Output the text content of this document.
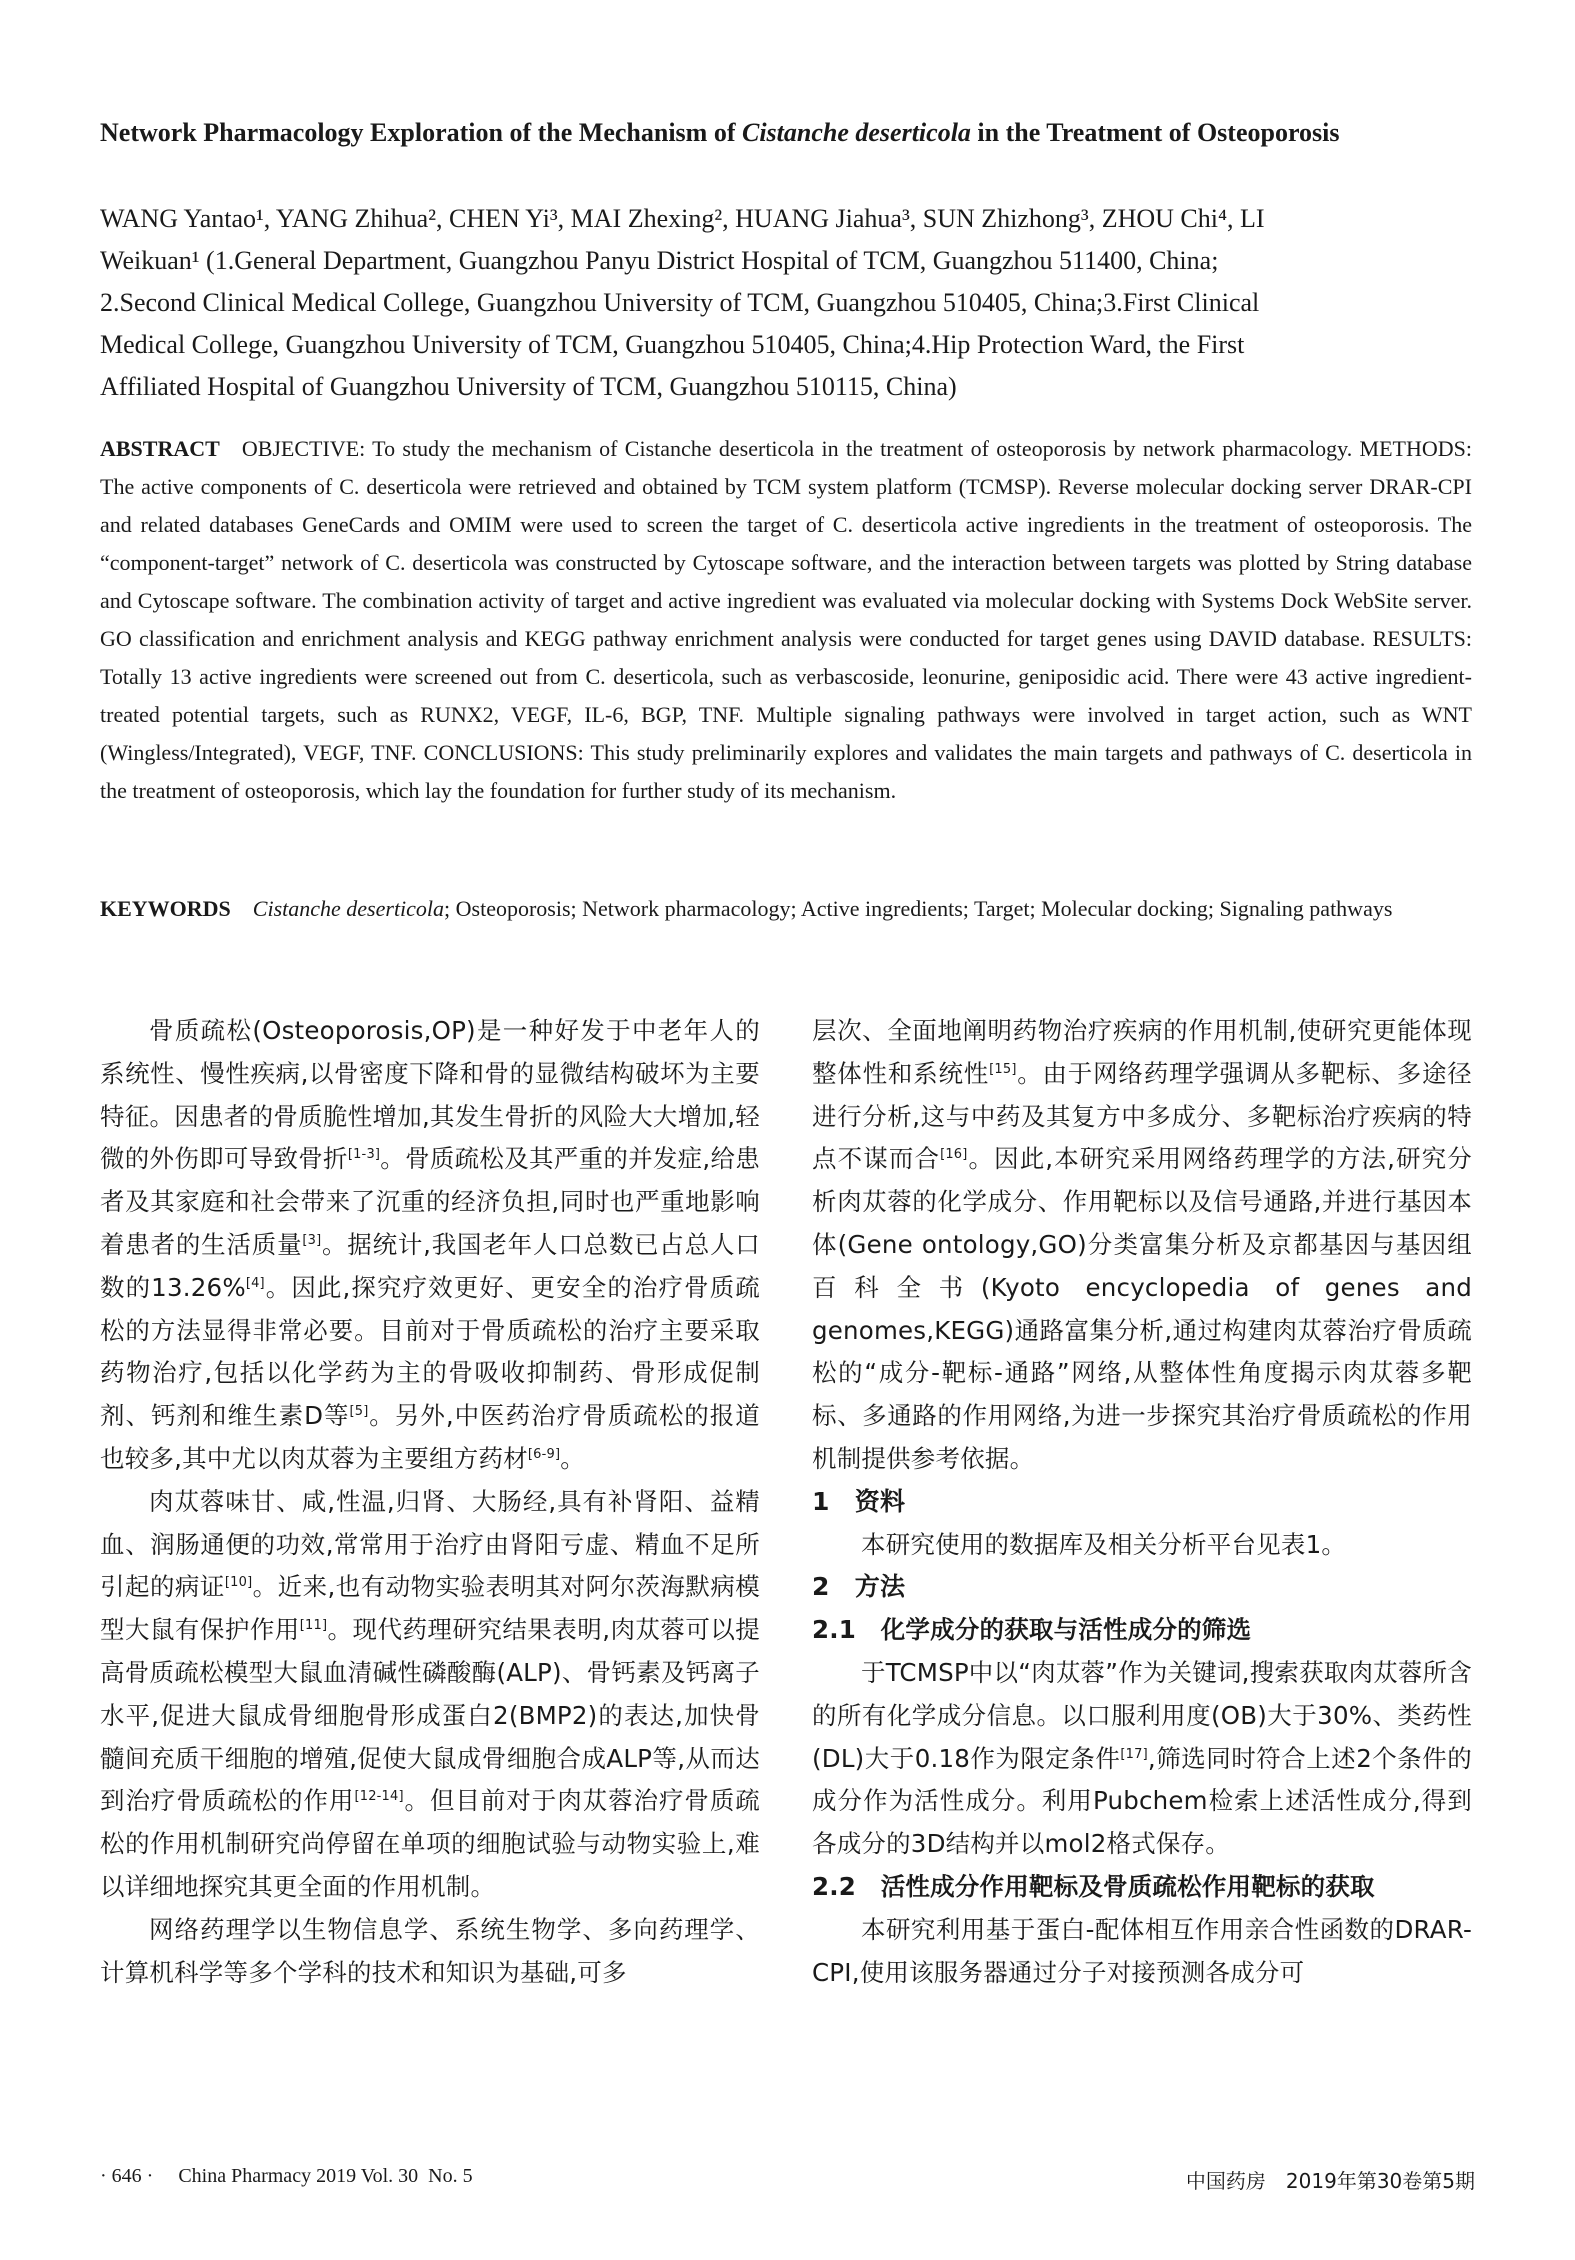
Network Pharmacology Exploration of the Mechanism of Cistanche deserticola in the Treatment of Osteoporosis
WANG Yantao¹, YANG Zhihua², CHEN Yi³, MAI Zhexing², HUANG Jiahua³, SUN Zhizhong³, ZHOU Chi⁴, LI
Weikuan¹ (1.General Department, Guangzhou Panyu District Hospital of TCM, Guangzhou 511400, China;
2.Second Clinical Medical College, Guangzhou University of TCM, Guangzhou 510405, China;3.First Clinical
Medical College, Guangzhou University of TCM, Guangzhou 510405, China;4.Hip Protection Ward, the First
Affiliated Hospital of Guangzhou University of TCM, Guangzhou 510115, China)
ABSTRACT OBJECTIVE: To study the mechanism of Cistanche deserticola in the treatment of osteoporosis by network pharmacology. METHODS: The active components of C. deserticola were retrieved and obtained by TCM system platform (TCMSP). Reverse molecular docking server DRAR-CPI and related databases GeneCards and OMIM were used to screen the target of C. deserticola active ingredients in the treatment of osteoporosis. The “component-target” network of C. deserticola was constructed by Cytoscape software, and the interaction between targets was plotted by String database and Cytoscape software. The combination activity of target and active ingredient was evaluated via molecular docking with Systems Dock WebSite server. GO classification and enrichment analysis and KEGG pathway enrichment analysis were conducted for target genes using DAVID database. RESULTS: Totally 13 active ingredients were screened out from C. deserticola, such as verbascoside, leonurine, geniposidic acid. There were 43 active ingredient-treated potential targets, such as RUNX2, VEGF, IL-6, BGP, TNF. Multiple signaling pathways were involved in target action, such as WNT (Wingless/Integrated), VEGF, TNF. CONCLUSIONS: This study preliminarily explores and validates the main targets and pathways of C. deserticola in the treatment of osteoporosis, which lay the foundation for further study of its mechanism.
KEYWORDS Cistanche deserticola; Osteoporosis; Network pharmacology; Active ingredients; Target; Molecular docking; Signaling pathways

骨质疏松(Osteoporosis,OP)是一种好发于中老年人的系统性、慢性疾病,以骨密度下降和骨的显微结构破坏为主要特征。因患者的骨质脆性增加,其发生骨折的风险大大增加,轻微的外伤即可导致骨折[1-3]。骨质疏松及其严重的并发症,给患者及其家庭和社会带来了沉重的经济负担,同时也严重地影响着患者的生活质量[3]。据统计,我国老年人口总数已占总人口数的13.26%[4]。因此,探究疗效更好、更安全的治疗骨质疏松的方法显得非常必要。目前对于骨质疏松的治疗主要采取药物治疗,包括以化学药为主的骨吸收抑制药、骨形成促制剂、钙剂和维生素D等[5]。另外,中医药治疗骨质疏松的报道也较多,其中尤以肉苁蓉为主要组方药材[6-9]。

肉苁蓉味甘、咸,性温,归肾、大肠经,具有补肾阳、益精血、润肠通便的功效,常常用于治疗由肾阳亏虚、精血不足所引起的病证[10]。近来,也有动物实验表明其对阿尔茨海默病模型大鼠有保护作用[11]。现代药理研究结果表明,肉苁蓉可以提高骨质疏松模型大鼠血清碱性磷酸酶(ALP)、骨钙素及钙离子水平,促进大鼠成骨细胞骨形成蛋白2(BMP2)的表达,加快骨髓间充质干细胞的增殖,促使大鼠成骨细胞合成ALP等,从而达到治疗骨质疏松的作用[12-14]。但目前对于肉苁蓉治疗骨质疏松的作用机制研究尚停留在单项的细胞试验与动物实验上,难以详细地探究其更全面的作用机制。

网络药理学以生物信息学、系统生物学、多向药理学、计算机科学等多个学科的技术和知识为基础,可多

层次、全面地阐明药物治疗疾病的作用机制,使研究更能体现整体性和系统性[15]。由于网络药理学强调从多靶标、多途径进行分析,这与中药及其复方中多成分、多靶标治疗疾病的特点不谋而合[16]。因此,本研究采用网络药理学的方法,研究分析肉苁蓉的化学成分、作用靶标以及信号通路,并进行基因本体(Gene ontology,GO)分类富集分析及京都基因与基因组百科全书(Kyoto encyclopedia of genes and genomes,KEGG)通路富集分析,通过构建肉苁蓉治疗骨质疏松的“成分-靶标-通路”网络,从整体性角度揭示肉苁蓉多靶标、多通路的作用网络,为进一步探究其治疗骨质疏松的作用机制提供参考依据。

1　资料

本研究使用的数据库及相关分析平台见表1。

2　方法
2.1　化学成分的获取与活性成分的筛选

于TCMSP中以“肉苁蓉”作为关键词,搜索获取肉苁蓉所含的所有化学成分信息。以口服利用度(OB)大于30%、类药性(DL)大于0.18作为限定条件[17],筛选同时符合上述2个条件的成分作为活性成分。利用Pubchem检索上述活性成分,得到各成分的3D结构并以mol2格式保存。

2.2　活性成分作用靶标及骨质疏松作用靶标的获取

本研究利用基于蛋白-配体相互作用亲合性函数的DRAR-CPI,使用该服务器通过分子对接预测各成分可

· 646 ·     China Pharmacy 2019 Vol. 30  No. 5	中国药房　2019年第30卷第5期
